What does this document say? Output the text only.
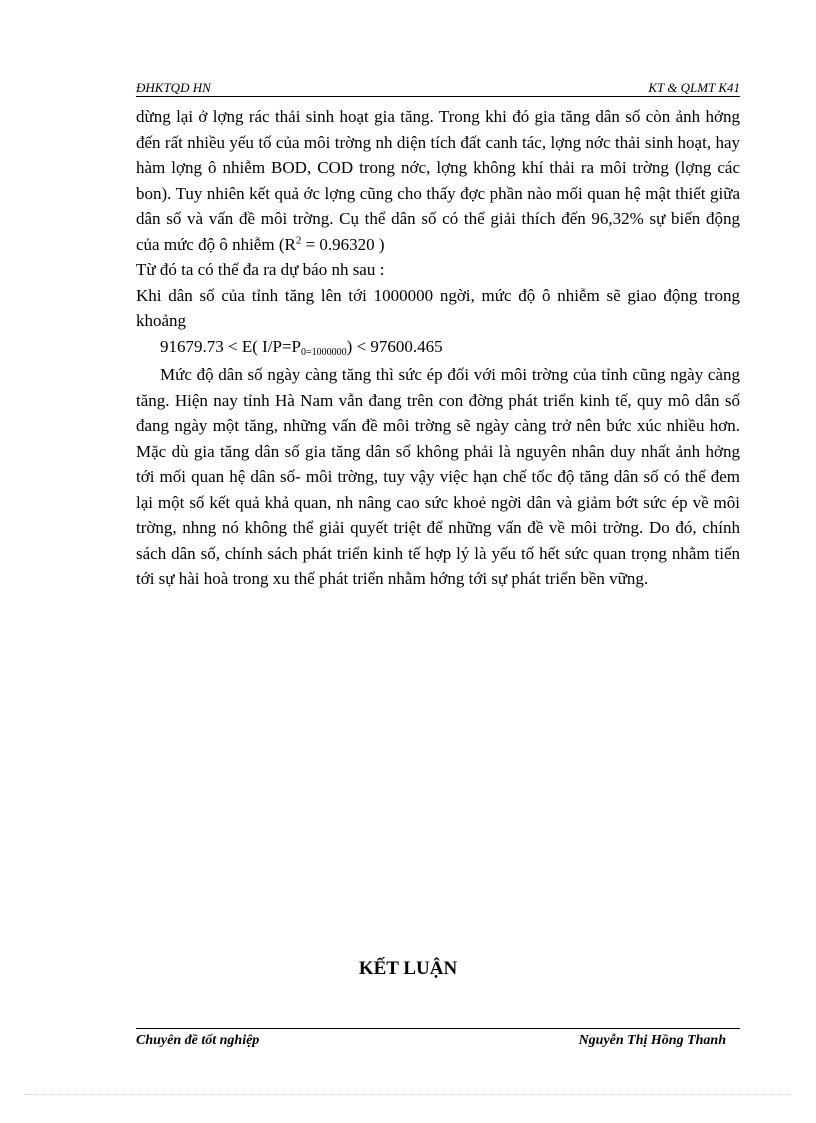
ĐHKTQD HN	KT & QLMT K41

dừng lại ở lợng rác thải sinh hoạt gia tăng. Trong khi đó gia tăng dân số còn ảnh hởng đến rất nhiều yếu tố của môi trờng nh diện tích đất canh tác, lợng nớc thải sinh hoạt, hay hàm lợng ô nhiễm BOD, COD trong nớc, lợng không khí thải ra môi trờng (lợng các bon). Tuy nhiên kết quả ớc lợng cũng cho thấy đợc phần nào mối quan hệ mật thiết giữa dân số và vấn đề môi trờng. Cụ thể dân số có thể giải thích đến 96,32% sự biến động của mức độ ô nhiễm ($R^2 = 0.96320$ )

Từ đó ta có thể đa ra dự báo nh sau :

Khi dân số của tỉnh tăng lên tới 1000000 ngời, mức độ ô nhiễm sẽ giao động trong khoảng

91679.73 < E( $I/P=P_{0=1000000}) < 97600.465$

Mức độ dân số ngày càng tăng thì sức ép đối với môi trờng của tỉnh cũng ngày càng tăng. Hiện nay tỉnh Hà Nam vẫn đang trên con đờng phát triển kinh tế, quy mô dân số đang ngày một tăng, những vấn đề môi trờng sẽ ngày càng trở nên bức xúc nhiều hơn. Mặc dù gia tăng dân số gia tăng dân số không phải là nguyên nhân duy nhất ảnh hởng tới mối quan hệ dân số- môi trờng, tuy vậy việc hạn chế tốc độ tăng dân số có thể đem lại một số kết quả khả quan, nh nâng cao sức khoẻ ngời dân và giảm bớt sức ép về môi trờng, nhng nó không thể giải quyết triệt để những vấn đề về môi trờng. Do đó, chính sách dân số, chính sách phát triển kinh tế hợp lý là yếu tố hết sức quan trọng nhằm tiến tới sự hài hoà trong xu thế phát triển nhằm hớng tới sự phát triển bền vững.

KẾT LUẬN
Chuyên đề tốt nghiệp	Nguyễn Thị Hồng Thanh
